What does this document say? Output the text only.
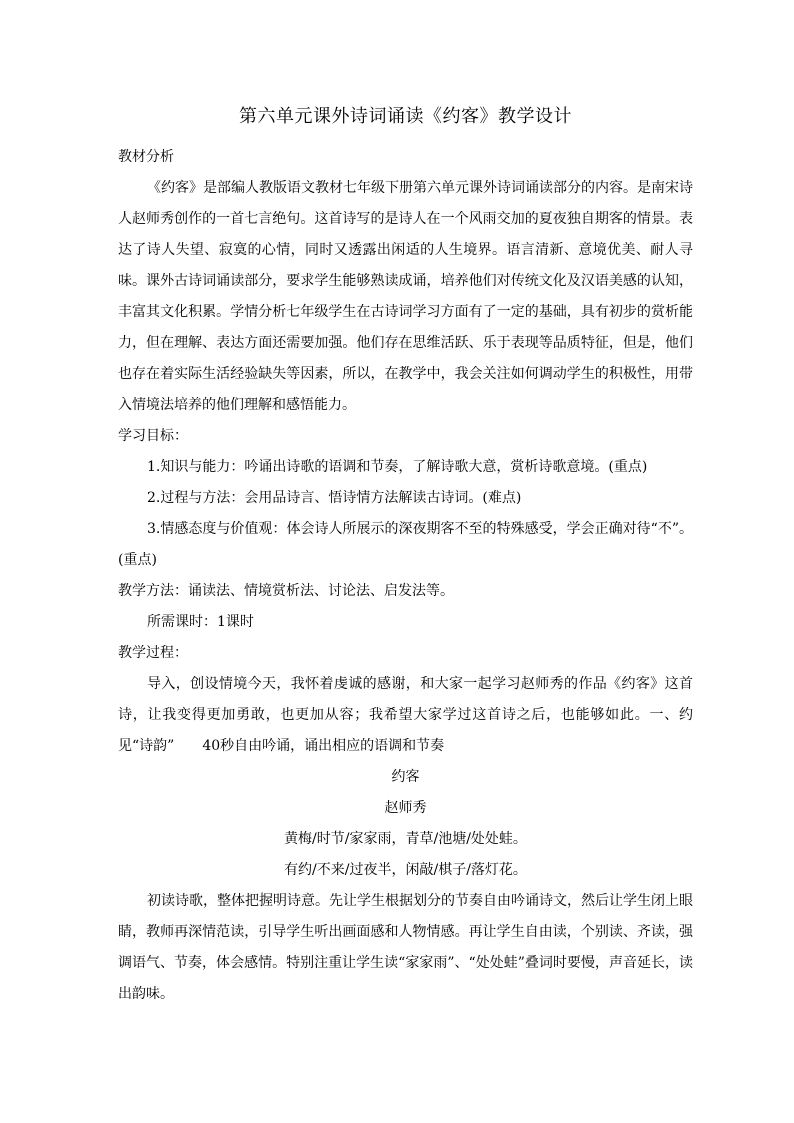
第六单元课外诗词诵读《约客》教学设计

教材分析

《约客》是部编人教版语文教材七年级下册第六单元课外诗词诵读部分的内容。是南宋诗人赵师秀创作的一首七言绝句。这首诗写的是诗人在一个风雨交加的夏夜独自期客的情景。表达了诗人失望、寂寞的心情，同时又透露出闲适的人生境界。语言清新、意境优美、耐人寻味。课外古诗词诵读部分，要求学生能够熟读成诵，培养他们对传统文化及汉语美感的认知，丰富其文化积累。学情分析七年级学生在古诗词学习方面有了一定的基础，具有初步的赏析能力，但在理解、表达方面还需要加强。他们存在思维活跃、乐于表现等品质特征，但是，他们也存在着实际生活经验缺失等因素，所以，在教学中，我会关注如何调动学生的积极性，用带入情境法培养的他们理解和感悟能力。

学习目标：

1.知识与能力：吟诵出诗歌的语调和节奏，了解诗歌大意，赏析诗歌意境。(重点)

2.过程与方法：会用品诗言、悟诗情方法解读古诗词。(难点)

3.情感态度与价值观：体会诗人所展示的深夜期客不至的特殊感受，学会正确对待“不”。(重点)

教学方法：诵读法、情境赏析法、讨论法、启发法等。

所需课时：1课时

教学过程：

导入，创设情境今天，我怀着虔诚的感谢，和大家一起学习赵师秀的作品《约客》这首诗，让我变得更加勇敢，也更加从容；我希望大家学过这首诗之后，也能够如此。一、约见“诗韵”　　40秒自由吟诵，诵出相应的语调和节奏

约客

赵师秀

黄梅/时节/家家雨，青草/池塘/处处蛙。

有约/不来/过夜半，闲敲/棋子/落灯花。

初读诗歌，整体把握明诗意。先让学生根据划分的节奏自由吟诵诗文，然后让学生闭上眼睛，教师再深情范读，引导学生听出画面感和人物情感。再让学生自由读，个别读、齐读，强调语气、节奏，体会感情。特别注重让学生读“家家雨”、“处处蛙”叠词时要慢，声音延长，读出韵味。
